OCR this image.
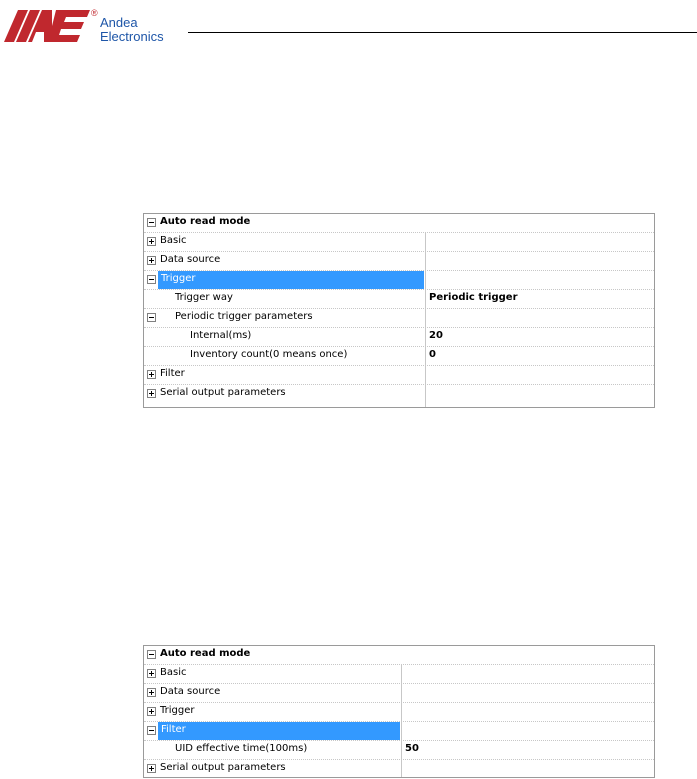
®
Andea
Electronics
Auto read mode
Basic
Data source
Trigger
Trigger way	Periodic trigger
Periodic trigger parameters
Internal(ms)	20
Inventory count(0 means once)	0
Filter
Serial output parameters
Auto read mode
Basic
Data source
Trigger
Filter
UID effective time(100ms)	50
Serial output parameters
